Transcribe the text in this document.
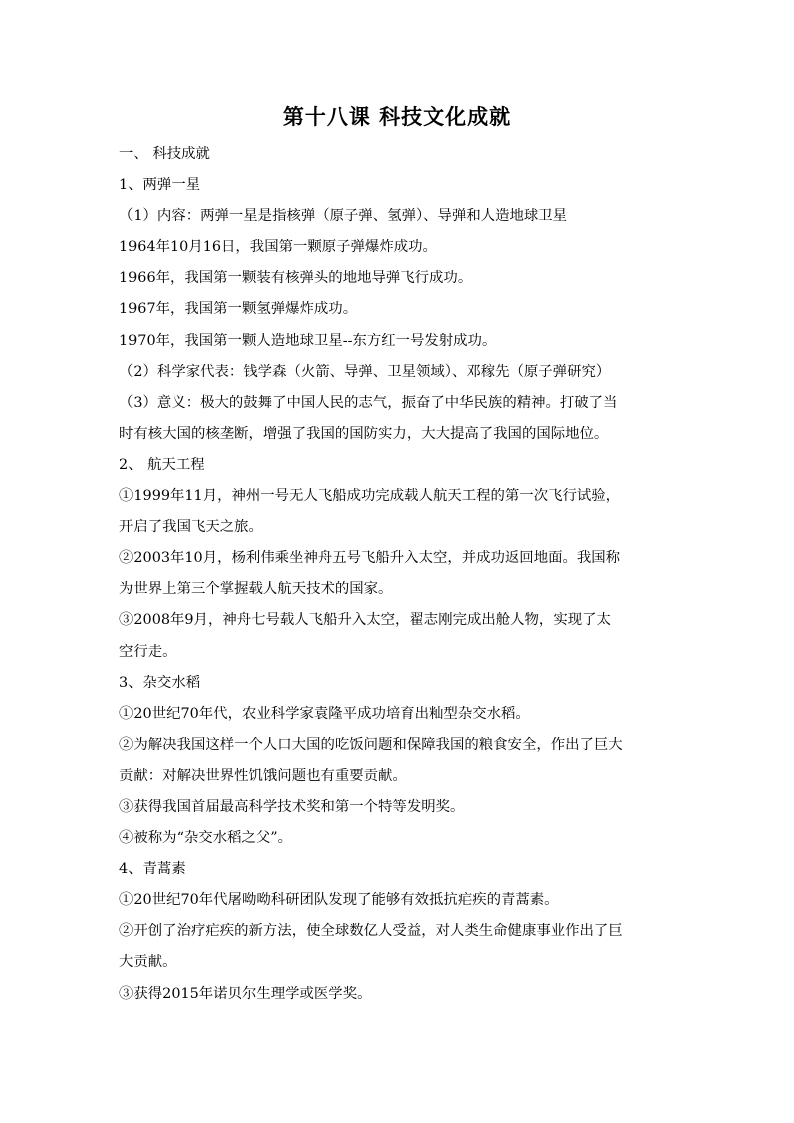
第十八课 科技文化成就
一、 科技成就
1、两弹一星
（1）内容：两弹一星是指核弹（原子弹、氢弹）、导弹和人造地球卫星
1964年10月16日，我国第一颗原子弹爆炸成功。
1966年，我国第一颗装有核弹头的地地导弹飞行成功。
1967年，我国第一颗氢弹爆炸成功。
1970年，我国第一颗人造地球卫星--东方红一号发射成功。
（2）科学家代表：钱学森（火箭、导弹、卫星领域）、邓稼先（原子弹研究）
（3）意义：极大的鼓舞了中国人民的志气，振奋了中华民族的精神。打破了当
时有核大国的核垄断，增强了我国的国防实力，大大提高了我国的国际地位。
2、 航天工程
①1999年11月，神州一号无人飞船成功完成载人航天工程的第一次飞行试验，
开启了我国飞天之旅。
②2003年10月，杨利伟乘坐神舟五号飞船升入太空，并成功返回地面。我国称
为世界上第三个掌握载人航天技术的国家。
③2008年9月，神舟七号载人飞船升入太空，翟志刚完成出舱人物，实现了太
空行走。
3、杂交水稻
①20世纪70年代，农业科学家袁隆平成功培育出籼型杂交水稻。
②为解决我国这样一个人口大国的吃饭问题和保障我国的粮食安全，作出了巨大
贡献：对解决世界性饥饿问题也有重要贡献。
③获得我国首届最高科学技术奖和第一个特等发明奖。
④被称为“杂交水稻之父”。
4、青蒿素
①20世纪70年代屠呦呦科研团队发现了能够有效抵抗疟疾的青蒿素。
②开创了治疗疟疾的新方法，使全球数亿人受益，对人类生命健康事业作出了巨
大贡献。
③获得2015年诺贝尔生理学或医学奖。
